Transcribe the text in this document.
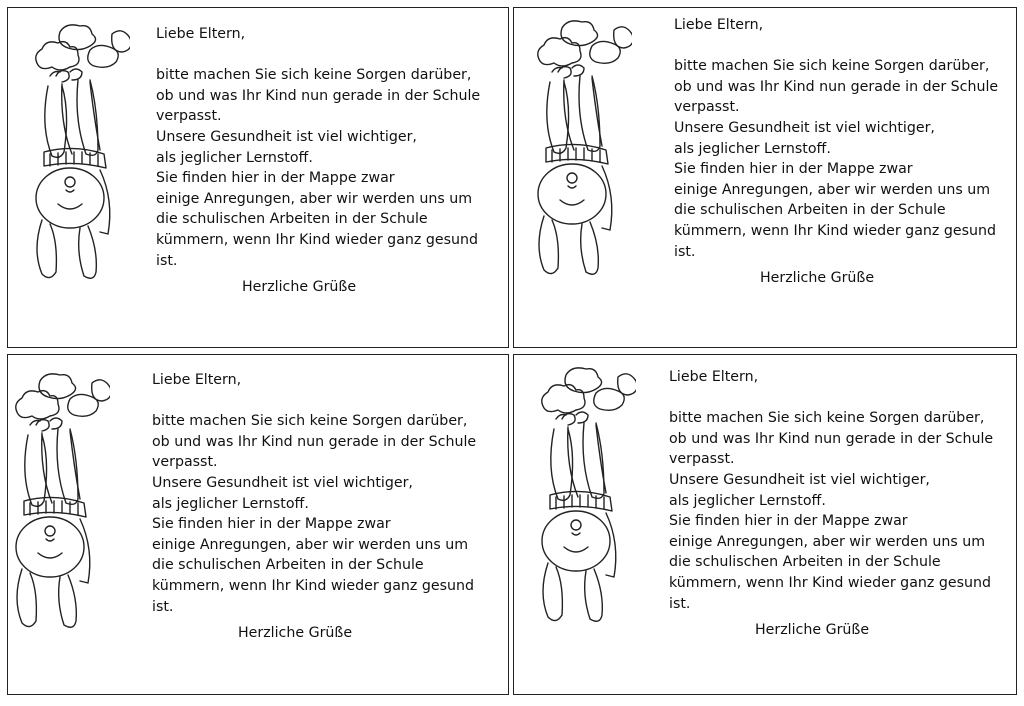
Liebe Eltern,
bitte machen Sie sich keine Sorgen darüber,
ob und was Ihr Kind nun gerade in der Schule
verpasst.
Unsere Gesundheit ist viel wichtiger,
als jeglicher Lernstoff.
Sie finden hier in der Mappe zwar
einige Anregungen, aber wir werden uns um
die schulischen Arbeiten in der Schule
kümmern, wenn Ihr Kind wieder ganz gesund
ist.
Herzliche Grüße
Liebe Eltern,
bitte machen Sie sich keine Sorgen darüber,
ob und was Ihr Kind nun gerade in der Schule
verpasst.
Unsere Gesundheit ist viel wichtiger,
als jeglicher Lernstoff.
Sie finden hier in der Mappe zwar
einige Anregungen, aber wir werden uns um
die schulischen Arbeiten in der Schule
kümmern, wenn Ihr Kind wieder ganz gesund
ist.
Herzliche Grüße
Liebe Eltern,
bitte machen Sie sich keine Sorgen darüber,
ob und was Ihr Kind nun gerade in der Schule
verpasst.
Unsere Gesundheit ist viel wichtiger,
als jeglicher Lernstoff.
Sie finden hier in der Mappe zwar
einige Anregungen, aber wir werden uns um
die schulischen Arbeiten in der Schule
kümmern, wenn Ihr Kind wieder ganz gesund
ist.
Herzliche Grüße
Liebe Eltern,
bitte machen Sie sich keine Sorgen darüber,
ob und was Ihr Kind nun gerade in der Schule
verpasst.
Unsere Gesundheit ist viel wichtiger,
als jeglicher Lernstoff.
Sie finden hier in der Mappe zwar
einige Anregungen, aber wir werden uns um
die schulischen Arbeiten in der Schule
kümmern, wenn Ihr Kind wieder ganz gesund
ist.
Herzliche Grüße
